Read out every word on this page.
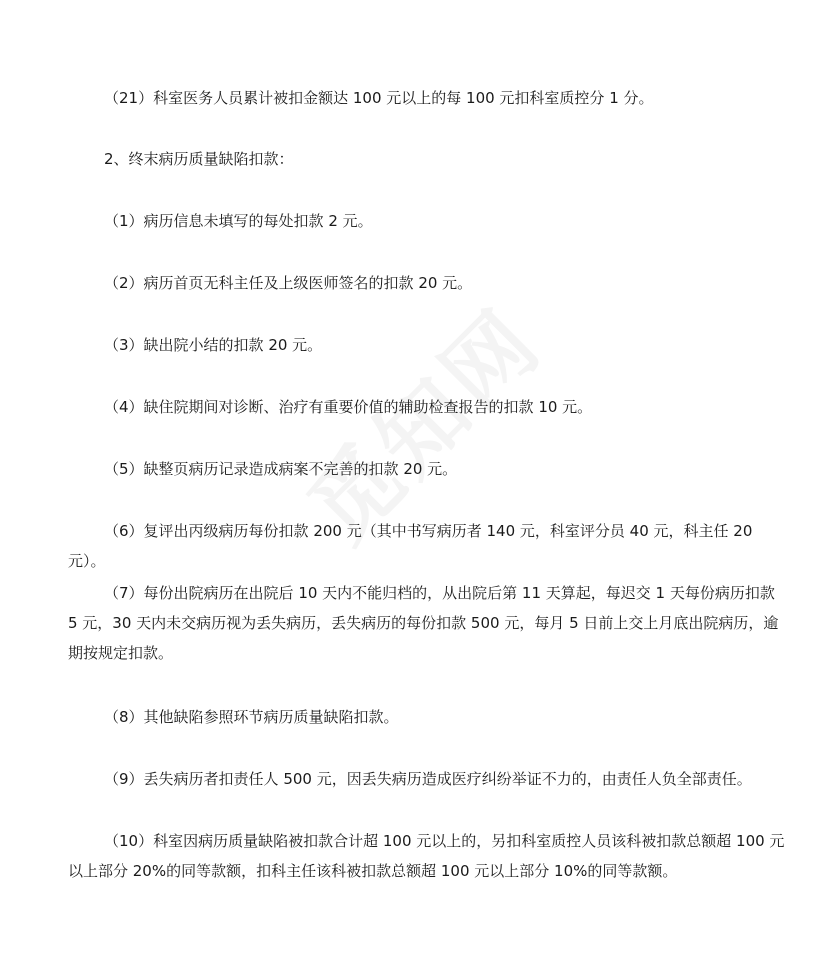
（21）科室医务人员累计被扣金额达 100 元以上的每 100 元扣科室质控分 1 分。

2、终末病历质量缺陷扣款：

（1）病历信息未填写的每处扣款 2 元。

（2）病历首页无科主任及上级医师签名的扣款 20 元。

（3）缺出院小结的扣款 20 元。

（4）缺住院期间对诊断、治疗有重要价值的辅助检查报告的扣款 10 元。

（5）缺整页病历记录造成病案不完善的扣款 20 元。

（6）复评出丙级病历每份扣款 200 元（其中书写病历者 140 元，科室评分员 40 元，科主任 20 元）。

（7）每份出院病历在出院后 10 天内不能归档的，从出院后第 11 天算起，每迟交 1 天每份病历扣款 5 元，30 天内未交病历视为丢失病历，丢失病历的每份扣款 500 元，每月 5 日前上交上月底出院病历，逾期按规定扣款。

（8）其他缺陷参照环节病历质量缺陷扣款。

（9）丢失病历者扣责任人 500 元，因丢失病历造成医疗纠纷举证不力的，由责任人负全部责任。

（10）科室因病历质量缺陷被扣款合计超 100 元以上的，另扣科室质控人员该科被扣款总额超 100 元以上部分 20%的同等款额，扣科主任该科被扣款总额超 100 元以上部分 10%的同等款额。
